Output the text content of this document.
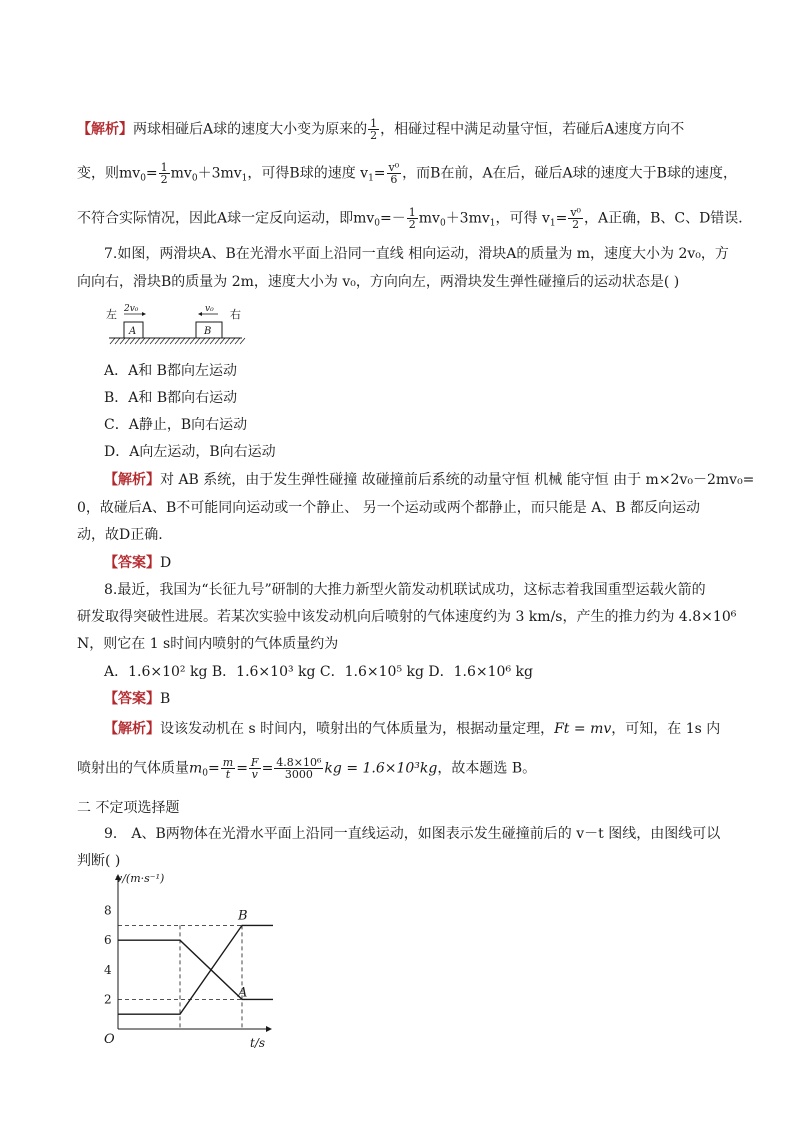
【解析】两球相碰后A球的速度大小变为原来的 $\frac{1}{2}$ ，相碰过程中满足动量守恒，若碰后A速度方向不
变，则$mv_0= \frac{1}{2} mv_0+3mv_1$，可得B球的速度 $v_1= \frac{\text{v⁰}}{6}$ ，而B在前，A在后，碰后A球的速度大于B球的速度，
不符合实际情况，因此A球一定反向运动，即$mv_0=- \frac{1}{2} mv_0+3mv_1$，可得 $v_1= \frac{\text{v⁰}}{2}$ ，A正确，B、C、D错误．
7.如图，两滑块A、B在光滑水平面上沿同一直线 相向运动，滑块A的质量为 m，速度大小为 2v₀，方
向向右，滑块B的质量为 2m，速度大小为 v₀，方向向左，两滑块发生弹性碰撞后的运动状态是( )
左	右
2v₀	v₀
A	B
A．A和 B都向左运动
B．A和 B都向右运动
C．A静止，B向右运动
D．A向左运动，B向右运动
【解析】对 AB 系统，由于发生弹性碰撞 故碰撞前后系统的动量守恒 机械 能守恒 由于 m×2v₀－2mv₀=
0，故碰后A、B不可能同向运动或一个静止、 另一个运动或两个都静止，而只能是 A、B 都反向运动
动，故D正确.
【答案】D
8.最近，我国为“长征九号”研制的大推力新型火箭发动机联试成功，这标志着我国重型运载火箭的
研发取得突破性进展。若某次实验中该发动机向后喷射的气体速度约为 3 km/s，产生的推力约为 4.8×10⁶
N，则它在 1 s时间内喷射的气体质量约为
A．1.6×10² kg B．1.6×10³ kg C．1.6×10⁵ kg D．1.6×10⁶ kg
【答案】B
【解析】设该发动机在 s 时间内，喷射出的气体质量为，根据动量定理，Ft = mv，可知，在 1s 内
喷射出的气体质量$m_0= \frac{m}{t} = \frac{F}{v} = \frac{\text{4.8×10⁶}}{3000}$ kg = 1.6×10³kg，故本题选 B。
二 不定项选择题
9． A、B两物体在光滑水平面上沿同一直线运动，如图表示发生碰撞前后的 v－t 图线，由图线可以
判断( )
2
4
6
8
v/(m·s⁻¹)
t/s
O
A
B
